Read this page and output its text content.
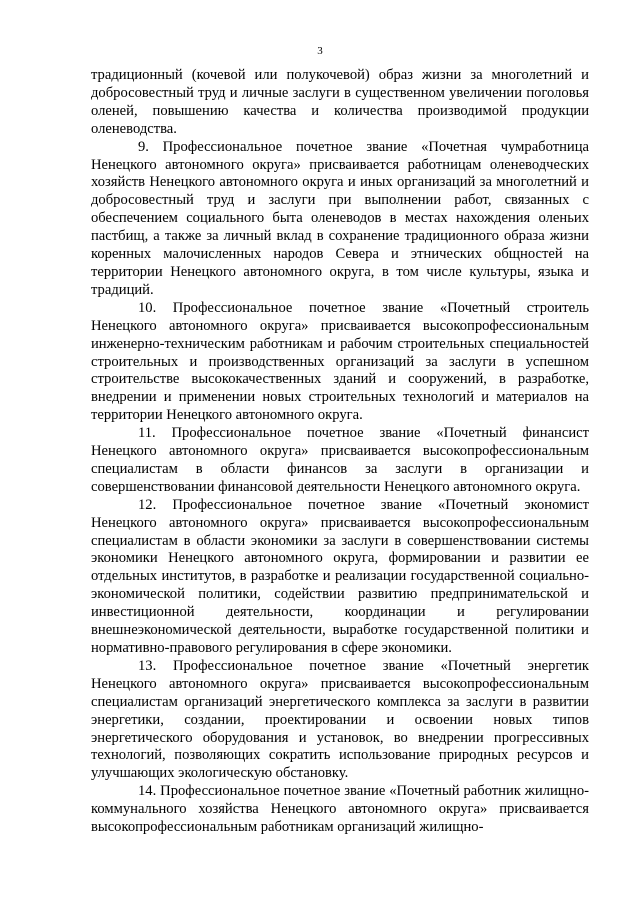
3

традиционный (кочевой или полукочевой) образ жизни за многолетний и добросовестный труд и личные заслуги в существенном увеличении поголовья оленей, повышению качества и количества производимой продукции оленеводства.

9. Профессиональное почетное звание «Почетная чумработница Ненецкого автономного округа» присваивается работницам оленеводческих хозяйств Ненецкого автономного округа и иных организаций за многолетний и добросовестный труд и заслуги при выполнении работ, связанных с обеспечением социального быта оленеводов в местах нахождения оленьих пастбищ, а также за личный вклад в сохранение традиционного образа жизни коренных малочисленных народов Севера и этнических общностей на территории Ненецкого автономного округа, в том числе культуры, языка и традиций.

10. Профессиональное почетное звание «Почетный строитель Ненецкого автономного округа» присваивается высокопрофессиональным инженерно-техническим работникам и рабочим строительных специальностей строительных и производственных организаций за заслуги в успешном строительстве высококачественных зданий и сооружений, в разработке, внедрении и применении новых строительных технологий и материалов на территории Ненецкого автономного округа.

11. Профессиональное почетное звание «Почетный финансист Ненецкого автономного округа» присваивается высокопрофессиональным специалистам в области финансов за заслуги в организации и совершенствовании финансовой деятельности Ненецкого автономного округа.

12. Профессиональное почетное звание «Почетный экономист Ненецкого автономного округа» присваивается высокопрофессиональным специалистам в области экономики за заслуги в совершенствовании системы экономики Ненецкого автономного округа, формировании и развитии ее отдельных институтов, в разработке и реализации государственной социально-экономической политики, содействии развитию предпринимательской и инвестиционной деятельности, координации и регулировании внешнеэкономической деятельности, выработке государственной политики и нормативно-правового регулирования в сфере экономики.

13. Профессиональное почетное звание «Почетный энергетик Ненецкого автономного округа» присваивается высокопрофессиональным специалистам организаций энергетического комплекса за заслуги в развитии энергетики, создании, проектировании и освоении новых типов энергетического оборудования и установок, во внедрении прогрессивных технологий, позволяющих сократить использование природных ресурсов и улучшающих экологическую обстановку.

14. Профессиональное почетное звание «Почетный работник жилищно-коммунального хозяйства Ненецкого автономного округа» присваивается высокопрофессиональным работникам организаций жилищно-
